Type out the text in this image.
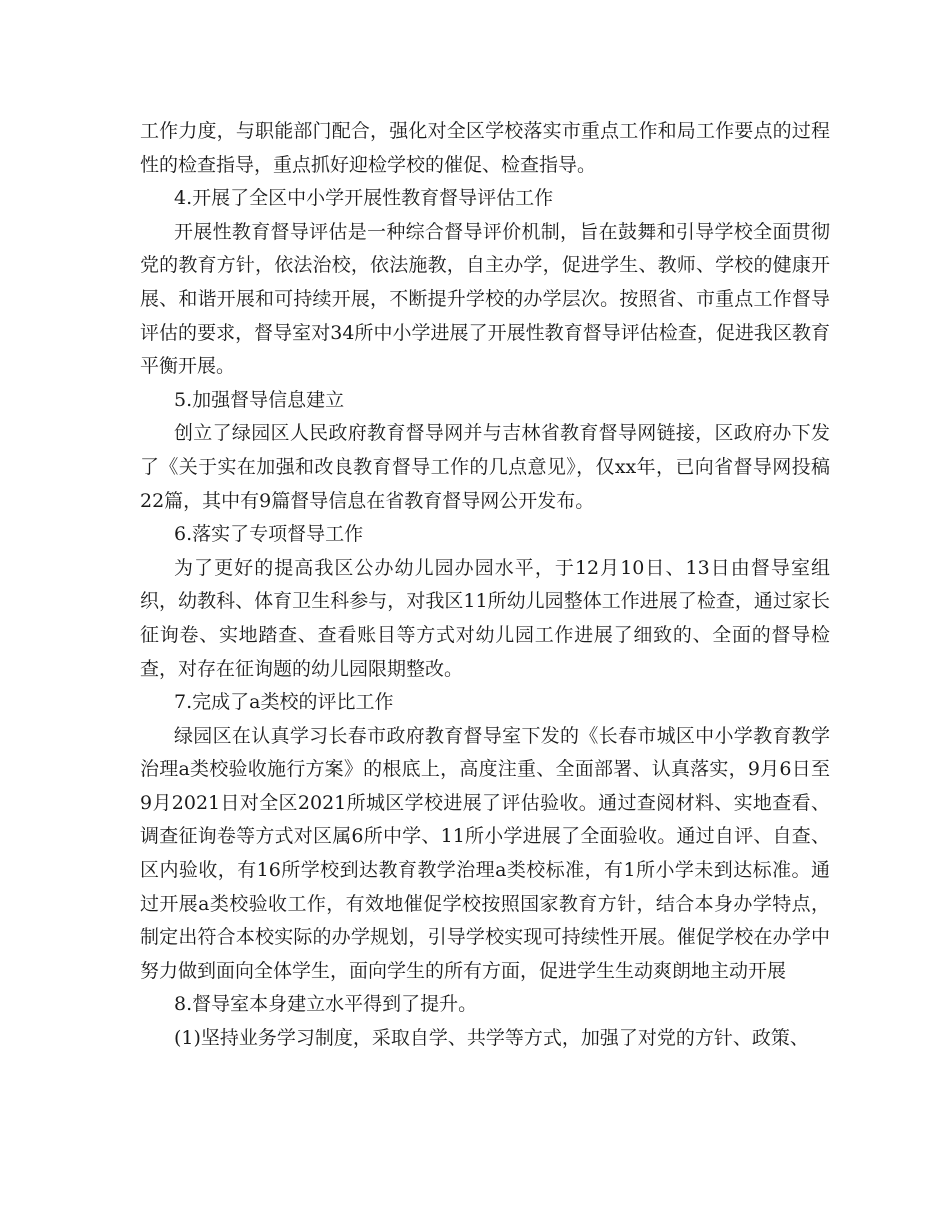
工作力度，与职能部门配合，强化对全区学校落实市重点工作和局工作要点的过程性的检查指导，重点抓好迎检学校的催促、检查指导。

4.开展了全区中小学开展性教育督导评估工作

开展性教育督导评估是一种综合督导评价机制，旨在鼓舞和引导学校全面贯彻党的教育方针，依法治校，依法施教，自主办学，促进学生、教师、学校的健康开展、和谐开展和可持续开展，不断提升学校的办学层次。按照省、市重点工作督导评估的要求，督导室对34所中小学进展了开展性教育督导评估检查，促进我区教育平衡开展。

5.加强督导信息建立

创立了绿园区人民政府教育督导网并与吉林省教育督导网链接，区政府办下发了《关于实在加强和改良教育督导工作的几点意见》，仅xx年，已向省督导网投稿22篇，其中有9篇督导信息在省教育督导网公开发布。

6.落实了专项督导工作

为了更好的提高我区公办幼儿园办园水平，于12月10日、13日由督导室组织，幼教科、体育卫生科参与，对我区11所幼儿园整体工作进展了检查，通过家长征询卷、实地踏查、查看账目等方式对幼儿园工作进展了细致的、全面的督导检查，对存在征询题的幼儿园限期整改。

7.完成了a类校的评比工作

绿园区在认真学习长春市政府教育督导室下发的《长春市城区中小学教育教学治理a类校验收施行方案》的根底上，高度注重、全面部署、认真落实，9月6日至9月2021日对全区2021所城区学校进展了评估验收。通过查阅材料、实地查看、调查征询卷等方式对区属6所中学、11所小学进展了全面验收。通过自评、自查、区内验收，有16所学校到达教育教学治理a类校标准，有1所小学未到达标准。通过开展a类校验收工作，有效地催促学校按照国家教育方针，结合本身办学特点，制定出符合本校实际的办学规划，引导学校实现可持续性开展。催促学校在办学中努力做到面向全体学生，面向学生的所有方面，促进学生生动爽朗地主动开展

8.督导室本身建立水平得到了提升。

(1)坚持业务学习制度，采取自学、共学等方式，加强了对党的方针、政策、
